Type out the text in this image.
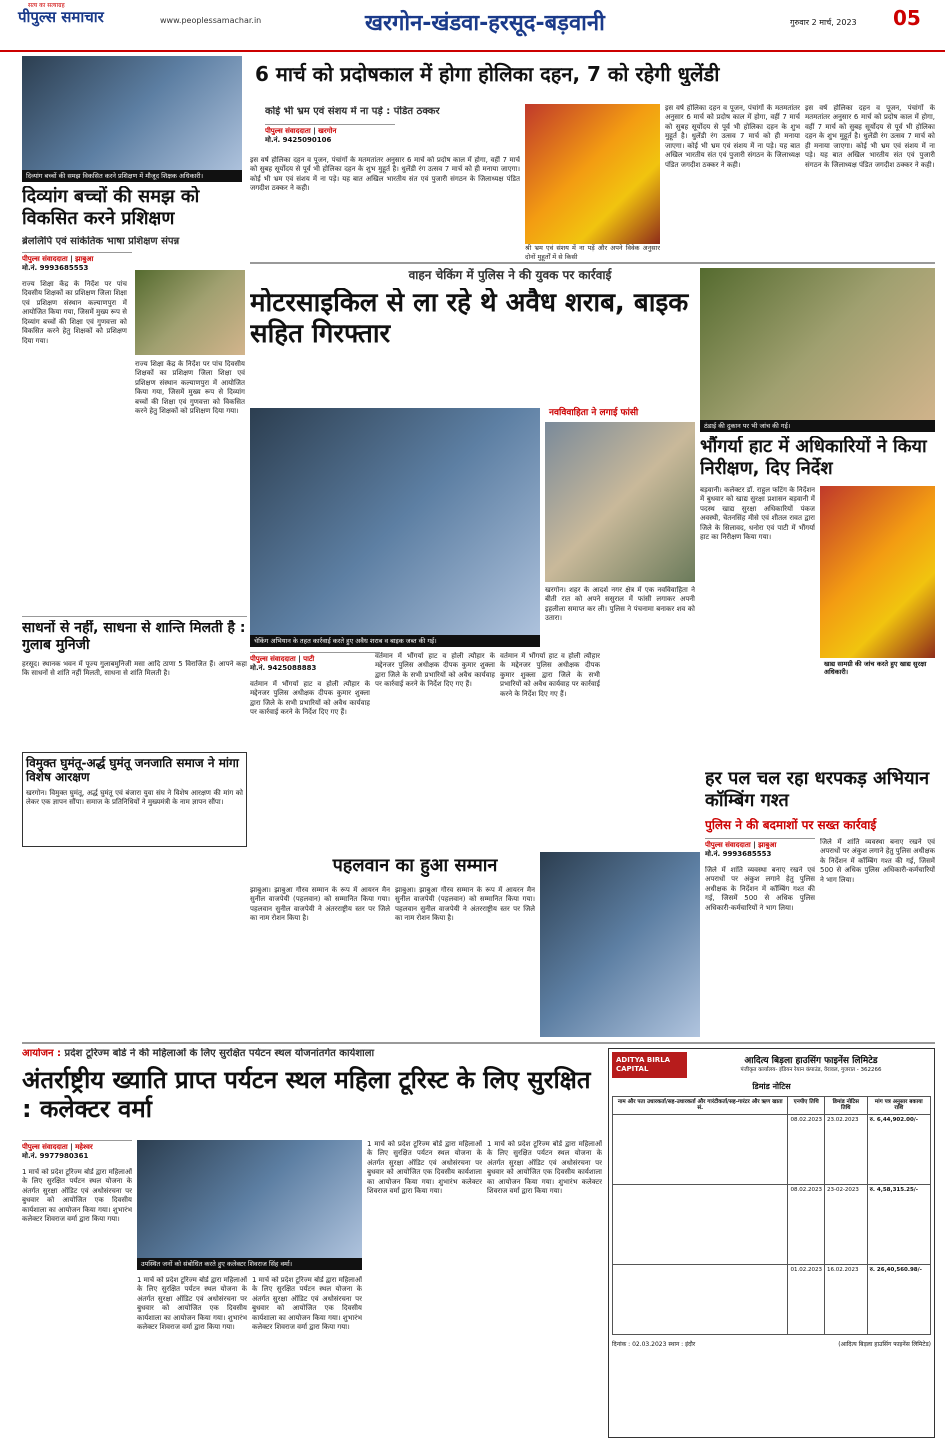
सत्य का सत्याग्रह
पीपुल्स समाचार	www.peoplessamachar.in	खरगोन-खंडवा-हरसूद-बड़वानी	गुरुवार 2 मार्च, 2023 05
दिव्यांग बच्चों की समझ विकसित करने प्रशिक्षण में मौजूद शिक्षक अधिकारी।
दिव्यांग बच्चों की समझ को विकसित करने प्रशिक्षण
ब्रेललिपि एवं सांकेतिक भाषा प्रशिक्षण संपन्न
पीपुल्स संवाददाता | झाबुआ
मो.नं. 9993685553
राज्य शिक्षा केंद्र के निर्देश पर पांच दिवसीय शिक्षकों का प्रशिक्षण जिला शिक्षा एवं प्रशिक्षण संस्थान कल्याणपुरा में आयोजित किया गया, जिसमें मुख्य रूप से दिव्यांग बच्चों की शिक्षा एवं गुणवत्ता को विकसित करने हेतु शिक्षकों को प्रशिक्षण दिया गया।
राज्य शिक्षा केंद्र के निर्देश पर पांच दिवसीय शिक्षकों का प्रशिक्षण जिला शिक्षा एवं प्रशिक्षण संस्थान कल्याणपुरा में आयोजित किया गया, जिसमें मुख्य रूप से दिव्यांग बच्चों की शिक्षा एवं गुणवत्ता को विकसित करने हेतु शिक्षकों को प्रशिक्षण दिया गया।
साधनों से नहीं, साधना से शान्ति मिलती है : गुलाब मुनिजी
हरसूद। स्थानक भवन में पूज्य गुलाबमुनिजी मसा आदि ठाणा 5 विराजित हैं। आपने कहा कि साधनों से शांति नहीं मिलती, साधना से शांति मिलती है।
विमुक्त घुमंतू-अर्द्ध घुमंतू जनजाति समाज ने मांगा विशेष आरक्षण
खरगोन। विमुक्त घुमंतू, अर्द्ध घुमंतू एवं बंजारा युवा संघ ने विशेष आरक्षण की मांग को लेकर एक ज्ञापन सौंपा। समाज के प्रतिनिधियों ने मुख्यमंत्री के नाम ज्ञापन सौंपा।
6 मार्च को प्रदोषकाल में होगा होलिका दहन, 7 को रहेगी धुलेंडी
कोई भी भ्रम एवं संशय में ना पड़े : पंडित ठक्कर
पीपुल्स संवाददाता | खरगोन
मो.नं. 9425090106
इस वर्ष होलिका दहन व पूजन, पंचांगों के मतमतांतर अनुसार 6 मार्च को प्रदोष काल में होगा, वहीं 7 मार्च को सुबह सूर्योदय से पूर्व भी होलिका दहन के शुभ मुहूर्त है। धुलेंडी रंग उत्सव 7 मार्च को ही मनाया जाएगा। कोई भी भ्रम एवं संशय में ना पड़े। यह बात अखिल भारतीय संत एवं पुजारी संगठन के जिलाध्यक्ष पंडित जगदीश ठक्कर ने कही।
श्री भ्रम एवं संशय में ना पड़ें और अपने विवेक अनुसार दोनों मुहूर्तों में से किसी
इस वर्ष होलिका दहन व पूजन, पंचांगों के मतमतांतर अनुसार 6 मार्च को प्रदोष काल में होगा, वहीं 7 मार्च को सुबह सूर्योदय से पूर्व भी होलिका दहन के शुभ मुहूर्त है। धुलेंडी रंग उत्सव 7 मार्च को ही मनाया जाएगा। कोई भी भ्रम एवं संशय में ना पड़े। यह बात अखिल भारतीय संत एवं पुजारी संगठन के जिलाध्यक्ष पंडित जगदीश ठक्कर ने कही।
इस वर्ष होलिका दहन व पूजन, पंचांगों के मतमतांतर अनुसार 6 मार्च को प्रदोष काल में होगा, वहीं 7 मार्च को सुबह सूर्योदय से पूर्व भी होलिका दहन के शुभ मुहूर्त है। धुलेंडी रंग उत्सव 7 मार्च को ही मनाया जाएगा। कोई भी भ्रम एवं संशय में ना पड़े। यह बात अखिल भारतीय संत एवं पुजारी संगठन के जिलाध्यक्ष पंडित जगदीश ठक्कर ने कही।
वाहन चेकिंग में पुलिस ने की युवक पर कार्रवाई
मोटरसाइकिल से ला रहे थे अवैध शराब, बाइक सहित गिरफ्तार
चेकिंग अभियान के तहत कार्रवाई करते हुए अवैध शराब व बाइक जब्त की गई।
पीपुल्स संवाददाता | पाटी
मो.नं. 9425088883
वर्तमान में भौंगर्या हाट व होली त्यौहार के मद्देनजर पुलिस अधीक्षक दीपक कुमार शुक्ला द्वारा जिले के सभी प्रभारियों को अवैध कार्यवाह पर कार्रवाई करने के निर्देश दिए गए हैं।
वर्तमान में भौंगर्या हाट व होली त्यौहार के मद्देनजर पुलिस अधीक्षक दीपक कुमार शुक्ला द्वारा जिले के सभी प्रभारियों को अवैध कार्यवाह पर कार्रवाई करने के निर्देश दिए गए हैं।
वर्तमान में भौंगर्या हाट व होली त्यौहार के मद्देनजर पुलिस अधीक्षक दीपक कुमार शुक्ला द्वारा जिले के सभी प्रभारियों को अवैध कार्यवाह पर कार्रवाई करने के निर्देश दिए गए हैं।
नवविवाहिता ने लगाई फांसी
खरगोन। शहर के आदर्श नगर क्षेत्र में एक नवविवाहिता ने बीती रात को अपने ससुराल में फांसी लगाकर अपनी इहलीला समाप्त कर ली। पुलिस ने पंचनामा बनाकर शव को उतारा।
ठंडाई की दुकान पर भी जांच की गई।
भौंगर्या हाट में अधिकारियों ने किया निरीक्षण, दिए निर्देश
बड़वानी। कलेक्टर डॉ. राहुल फटिंग के निर्देशन में बुधवार को खाद्य सुरक्षा प्रशासन बड़वानी में पदस्थ खाद्य सुरक्षा अधिकारियों पंकज अवस्थी, चेतनसिंह मीसे एवं शीतल रावत द्वारा जिले के सिलावद, धनोरा एवं पाटी में भौंगर्या हाट का निरीक्षण किया गया।
खाद्य सामग्री की जांच करते हुए खाद्य सुरक्षा अधिकारी।
पहलवान का हुआ सम्मान
झाबुआ। झाबुआ गौरव सम्मान के रूप में आयरन मैन सुनील वाजपेयी (पहलवान) को सम्मानित किया गया। पहलवान सुनील वाजपेयी ने अंतरराष्ट्रीय स्तर पर जिले का नाम रोशन किया है।
झाबुआ। झाबुआ गौरव सम्मान के रूप में आयरन मैन सुनील वाजपेयी (पहलवान) को सम्मानित किया गया। पहलवान सुनील वाजपेयी ने अंतरराष्ट्रीय स्तर पर जिले का नाम रोशन किया है।
हर पल चल रहा धरपकड़ अभियान कॉम्बिंग गश्त
पुलिस ने की बदमाशों पर सख्त कार्रवाई
पीपुल्स संवाददाता | झाबुआ
मो.नं. 9993685553
जिले में शांति व्यवस्था बनाए रखने एवं अपराधों पर अंकुश लगाने हेतु पुलिस अधीक्षक के निर्देशन में कॉम्बिंग गश्त की गई, जिसमें 500 से अधिक पुलिस अधिकारी-कर्मचारियों ने भाग लिया।
जिले में शांति व्यवस्था बनाए रखने एवं अपराधों पर अंकुश लगाने हेतु पुलिस अधीक्षक के निर्देशन में कॉम्बिंग गश्त की गई, जिसमें 500 से अधिक पुलिस अधिकारी-कर्मचारियों ने भाग लिया।
आयोजन : प्रदेश टूरिज्म बोर्ड ने की महिलाओं के लिए सुरक्षित पर्यटन स्थल योजनांतर्गत कार्यशाला
अंतर्राष्ट्रीय ख्याति प्राप्त पर्यटन स्थल महिला टूरिस्ट के लिए सुरक्षित : कलेक्टर वर्मा
पीपुल्स संवाददाता | महेश्वर
मो.नं. 9977980361
1 मार्च को प्रदेश टूरिज्म बोर्ड द्वारा महिलाओं के लिए सुरक्षित पर्यटन स्थल योजना के अंतर्गत सुरक्षा ऑडिट एवं अधोसंरचना पर बुधवार को आयोजित एक दिवसीय कार्यशाला का आयोजन किया गया। शुभारंभ कलेक्टर शिवराज वर्मा द्वारा किया गया।
उपस्थित जनों को संबोधित करते हुए कलेक्टर शिवराज सिंह वर्मा।
1 मार्च को प्रदेश टूरिज्म बोर्ड द्वारा महिलाओं के लिए सुरक्षित पर्यटन स्थल योजना के अंतर्गत सुरक्षा ऑडिट एवं अधोसंरचना पर बुधवार को आयोजित एक दिवसीय कार्यशाला का आयोजन किया गया। शुभारंभ कलेक्टर शिवराज वर्मा द्वारा किया गया।
1 मार्च को प्रदेश टूरिज्म बोर्ड द्वारा महिलाओं के लिए सुरक्षित पर्यटन स्थल योजना के अंतर्गत सुरक्षा ऑडिट एवं अधोसंरचना पर बुधवार को आयोजित एक दिवसीय कार्यशाला का आयोजन किया गया। शुभारंभ कलेक्टर शिवराज वर्मा द्वारा किया गया।
1 मार्च को प्रदेश टूरिज्म बोर्ड द्वारा महिलाओं के लिए सुरक्षित पर्यटन स्थल योजना के अंतर्गत सुरक्षा ऑडिट एवं अधोसंरचना पर बुधवार को आयोजित एक दिवसीय कार्यशाला का आयोजन किया गया। शुभारंभ कलेक्टर शिवराज वर्मा द्वारा किया गया।
1 मार्च को प्रदेश टूरिज्म बोर्ड द्वारा महिलाओं के लिए सुरक्षित पर्यटन स्थल योजना के अंतर्गत सुरक्षा ऑडिट एवं अधोसंरचना पर बुधवार को आयोजित एक दिवसीय कार्यशाला का आयोजन किया गया। शुभारंभ कलेक्टर शिवराज वर्मा द्वारा किया गया।
ADITYA BIRLA CAPITAL
आदित्य बिड़ला हाउसिंग फाइनेंस लिमिटेड
पंजीकृत कार्यालय- इंडियन रेयान कंपाउंड, वेरावल, गुजरात - 362266
डिमांड नोटिस
नाम और पता उधारकर्ता/सह-उधारकर्ता और गारंटीकर्ता/सह-गारंटर और ऋण खाता सं.	एनपीए तिथि	डिमांड नोटिस तिथि	मांग पत्र अनुसार बकाया राशि
	08.02.2023	23.02.2023	रु. 6,44,902.00/-
	08.02.2023	23-02-2023	रु. 4,58,315.25/-
	01.02.2023	16.02.2023	रु. 26,40,560.98/-
दिनांक : 02.03.2023 स्थान : इंदौर	(आदित्य बिड़ला हाउसिंग फाइनेंस लिमिटेड)
